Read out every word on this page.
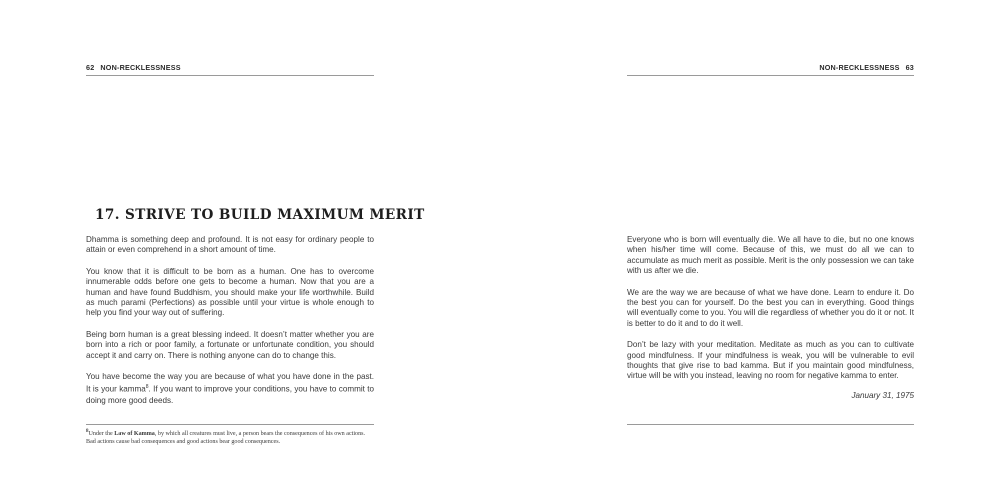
62 NON-RECKLESSNESS
17. STRIVE TO BUILD MAXIMUM MERIT

Dhamma is something deep and profound. It is not easy for ordinary people to attain or even comprehend in a short amount of time.

You know that it is difficult to be born as a human. One has to overcome innumerable odds before one gets to become a human. Now that you are a human and have found Buddhism, you should make your life worthwhile. Build as much parami (Perfections) as possible until your virtue is whole enough to help you find your way out of suffering.

Being born human is a great blessing indeed. It doesn’t matter whether you are born into a rich or poor family, a fortunate or unfortunate condition, you should accept it and carry on. There is nothing anyone can do to change this.

You have become the way you are because of what you have done in the past. It is your kamma$^8$. If you want to improve your conditions, you have to commit to doing more good deeds.

$^8$Under the Law of Kamma, by which all creatures must live, a person bears the consequences of his own actions. Bad actions cause bad consequences and good actions bear good consequences.

NON-RECKLESSNESS 63

Everyone who is born will eventually die. We all have to die, but no one knows when his/her time will come. Because of this, we must do all we can to accumulate as much merit as possible. Merit is the only possession we can take with us after we die.

We are the way we are because of what we have done. Learn to endure it. Do the best you can for yourself. Do the best you can in everything. Good things will eventually come to you. You will die regardless of whether you do it or not. It is better to do it and to do it well.

Don’t be lazy with your meditation. Meditate as much as you can to cultivate good mindfulness. If your mindfulness is weak, you will be vulnerable to evil thoughts that give rise to bad kamma. But if you maintain good mindfulness, virtue will be with you instead, leaving no room for negative kamma to enter.

January 31, 1975
